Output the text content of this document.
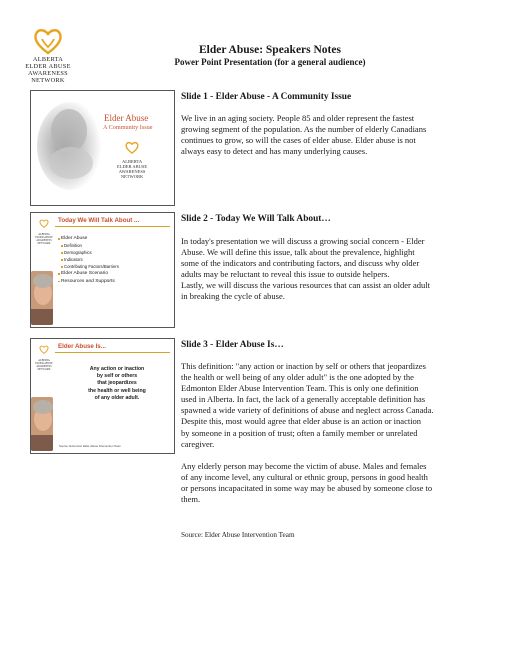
ALBERTA
ELDER ABUSE
AWARENESS
NETWORK
Elder Abuse: Speakers Notes
Power Point Presentation (for a general audience)
Elder Abuse
A Community Issue
ALBERTA
ELDER ABUSE
AWARENESS
NETWORK
Slide 1 - Elder Abuse - A Community Issue
We live in an aging society. People 85 and older represent the fastest
growing segment of the population. As the number of elderly Canadians
continues to grow, so will the cases of elder abuse. Elder abuse is not
always easy to detect and has many underlying causes.
ALBERTA
ELDER ABUSE
AWARENESS
NETWORK
Today We Will Talk About ...
Elder Abuse
Definition
Demographics
Indicators
Contributing Factors/Barriers
Elder Abuse Scenario
Resources and Supports
Slide 2 - Today We Will Talk About…
In today's presentation we will discuss a growing social concern - Elder
Abuse. We will define this issue, talk about the prevalence, highlight
some of the indicators and contributing factors, and discuss why older
adults may be reluctant to reveal this issue to outside helpers.
Lastly, we will discuss the various resources that can assist an older adult
in breaking the cycle of abuse.
ALBERTA
ELDER ABUSE
AWARENESS
NETWORK
Elder Abuse Is...
Any action or inaction
by self or others
that jeopardizes
the health or well being
of any older adult.
Source: Edmonton Elder Abuse Intervention Team
Slide 3 - Elder Abuse Is…
This definition: "any action or inaction by self or others that jeopardizes
the health or well being of any older adult" is the one adopted by the
Edmonton Elder Abuse Intervention Team. This is only one definition
used in Alberta. In fact, the lack of a generally acceptable definition has
spawned a wide variety of definitions of abuse and neglect across Canada.
Despite this, most would agree that elder abuse is an action or inaction
by someone in a position of trust; often a family member or unrelated
caregiver.

Any elderly person may become the victim of abuse. Males and females
of any income level, any cultural or ethnic group, persons in good health
or persons incapacitated in some way may be abused by someone close to
them.
Source: Elder Abuse Intervention Team
